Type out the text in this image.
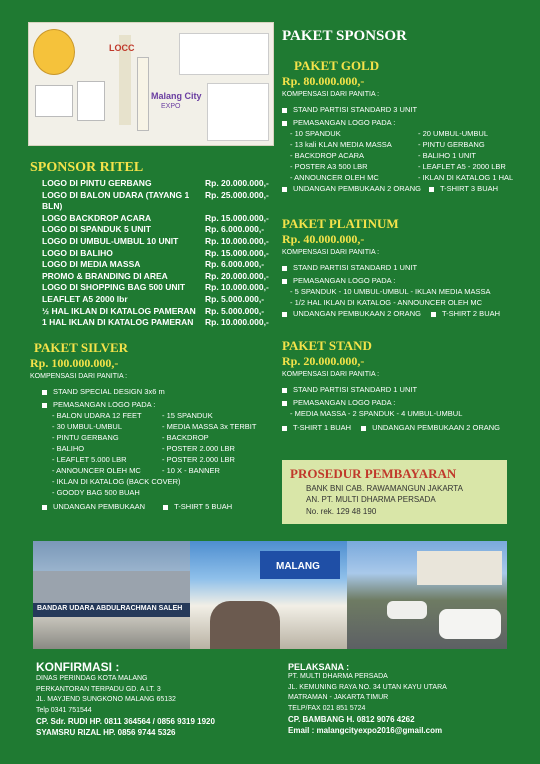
LOCC
Malang City
EXPO
PAKET SPONSOR
PAKET GOLD
Rp. 80.000.000,-
KOMPENSASI DARI PANITIA :
STAND PARTISI STANDARD 3 UNIT
PEMASANGAN LOGO PADA :
- 10 SPANDUK
- 13 kali KLAN MEDIA MASSA
- BACKDROP ACARA
- POSTER A3 500 LBR
- ANNOUNCER OLEH MC
- 20 UMBUL-UMBUL
- PINTU GERBANG
- BALIHO 1 UNIT
- LEAFLET A5 - 2000 LBR
- IKLAN DI KATALOG 1 HAL
UNDANGAN PEMBUKAAN 2 ORANG	T-SHIRT 3 BUAH
SPONSOR RITEL
LOGO DI PINTU GERBANG	Rp. 20.000.000,-
LOGO DI BALON UDARA (TAYANG 1 BLN)
Rp. 25.000.000,-
LOGO BACKDROP ACARA	Rp. 15.000.000,-
LOGO DI SPANDUK 5 UNIT	Rp. 6.000.000,-
LOGO DI UMBUL-UMBUL 10 UNIT	Rp. 10.000.000,-
LOGO DI BALIHO	Rp. 15.000.000,-
LOGO DI MEDIA MASSA	Rp. 6.000.000,-
PROMO & BRANDING DI AREA	Rp. 20.000.000,-
LOGO DI SHOPPING BAG 500 UNIT	Rp. 10.000.000,-
LEAFLET A5 2000 lbr	Rp. 5.000.000,-
½ HAL IKLAN DI KATALOG PAMERAN	Rp. 5.000.000,-
1 HAL IKLAN DI KATALOG PAMERAN	Rp. 10.000.000,-
PAKET PLATINUM
Rp. 40.000.000,-
KOMPENSASI DARI PANITIA :
STAND PARTISI STANDARD 1 UNIT
PEMASANGAN LOGO PADA :
- 5 SPANDUK - 10 UMBUL-UMBUL - IKLAN MEDIA MASSA
- 1/2 HAL IKLAN DI KATALOG - ANNOUNCER OLEH MC
UNDANGAN PEMBUKAAN 2 ORANG	T-SHIRT 2 BUAH
PAKET SILVER
Rp. 100.000.000,-
KOMPENSASI DARI PANITIA :
STAND SPECIAL DESIGN 3x6 m
PEMASANGAN LOGO PADA :
- BALON UDARA 12 FEET
- 30 UMBUL-UMBUL
- PINTU GERBANG
- BALIHO
- LEAFLET 5.000 LBR
- ANNOUNCER OLEH MC
- 15 SPANDUK
- MEDIA MASSA 3x TERBIT
- BACKDROP
- POSTER 2.000 LBR
- POSTER 2.000 LBR
- 10 X - BANNER
- IKLAN DI KATALOG (BACK COVER)
- GOODY BAG 500 BUAH
UNDANGAN PEMBUKAAN	T-SHIRT 5 BUAH
PAKET STAND
Rp. 20.000.000,-
KOMPENSASI DARI PANITIA :
STAND PARTISI STANDARD 1 UNIT
PEMASANGAN LOGO PADA :
- MEDIA MASSA - 2 SPANDUK - 4 UMBUL-UMBUL
T-SHIRT 1 BUAH	UNDANGAN PEMBUKAAN 2 ORANG
PROSEDUR PEMBAYARAN
BANK BNI CAB. RAWAMANGUN JAKARTA
AN. PT. MULTI DHARMA PERSADA
No. rek. 129 48 190
BANDAR UDARA ABDULRACHMAN SALEH
MALANG
KONFIRMASI :
DINAS PERINDAG KOTA MALANG
PERKANTORAN TERPADU GD. A LT. 3
JL. MAYJEND SUNGKONO MALANG 65132
Telp 0341 751544
CP. Sdr. RUDI HP. 0811 364564 / 0856 9319 1920
SYAMSRU RIZAL HP. 0856 9744 5326
PELAKSANA :
PT. MULTI DHARMA PERSADA
JL. KEMUNING RAYA NO. 34 UTAN KAYU UTARA
MATRAMAN - JAKARTA TIMUR
TELP/FAX 021 851 5724
CP. BAMBANG H. 0812 9076 4262
Email : malangcityexpo2016@gmail.com
